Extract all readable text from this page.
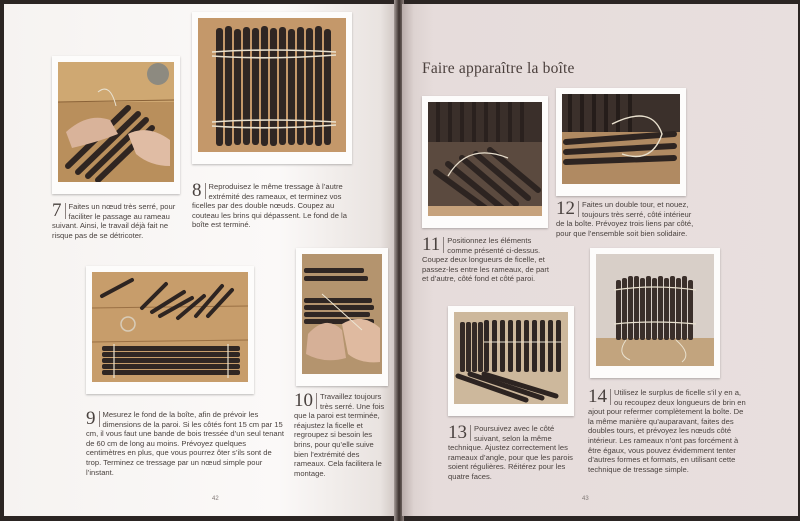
7 Faites un nœud très serré, pour faciliter le passage au rameau suivant. Ainsi, le travail déjà fait ne risque pas de se détricoter.
8 Reproduisez le même tressage à l’autre extrémité des rameaux, et terminez vos ficelles par des double nœuds. Coupez au couteau les brins qui dépassent. Le fond de la boîte est terminé.
9 Mesurez le fond de la boîte, afin de prévoir les dimensions de la paroi. Si les côtés font 15 cm par 15 cm, il vous faut une bande de bois tressée d’un seul tenant de 60 cm de long au moins. Prévoyez quelques centimètres en plus, que vous pourrez ôter s’ils sont de trop. Terminez ce tressage par un nœud simple pour l’instant.
10 Travaillez toujours très serré. Une fois que la paroi est terminée, réajustez la ficelle et regroupez si besoin les brins, pour qu’elle suive bien l’extrémité des rameaux. Cela facilitera le montage.
42
Faire apparaître la boîte
12 Faites un double tour, et nouez, toujours très serré, côté intérieur de la boîte. Prévoyez trois liens par côté, pour que l’ensemble soit bien solidaire.
11 Positionnez les éléments comme présenté ci-dessus. Coupez deux longueurs de ficelle, et passez-les entre les rameaux, de part et d’autre, côté fond et côté paroi.
13 Poursuivez avec le côté suivant, selon la même technique. Ajustez correctement les rameaux d’angle, pour que les parois soient régulières. Réitérez pour les quatre faces.
14 Utilisez le surplus de ficelle s’il y en a, ou recoupez deux longueurs de brin en ajout pour refermer complètement la boîte. De la même manière qu’auparavant, faites des doubles tours, et prévoyez les nœuds côté intérieur. Les rameaux n’ont pas forcément à être égaux, vous pouvez évidemment tenter d’autres formes et formats, en utilisant cette technique de tressage simple.
43
